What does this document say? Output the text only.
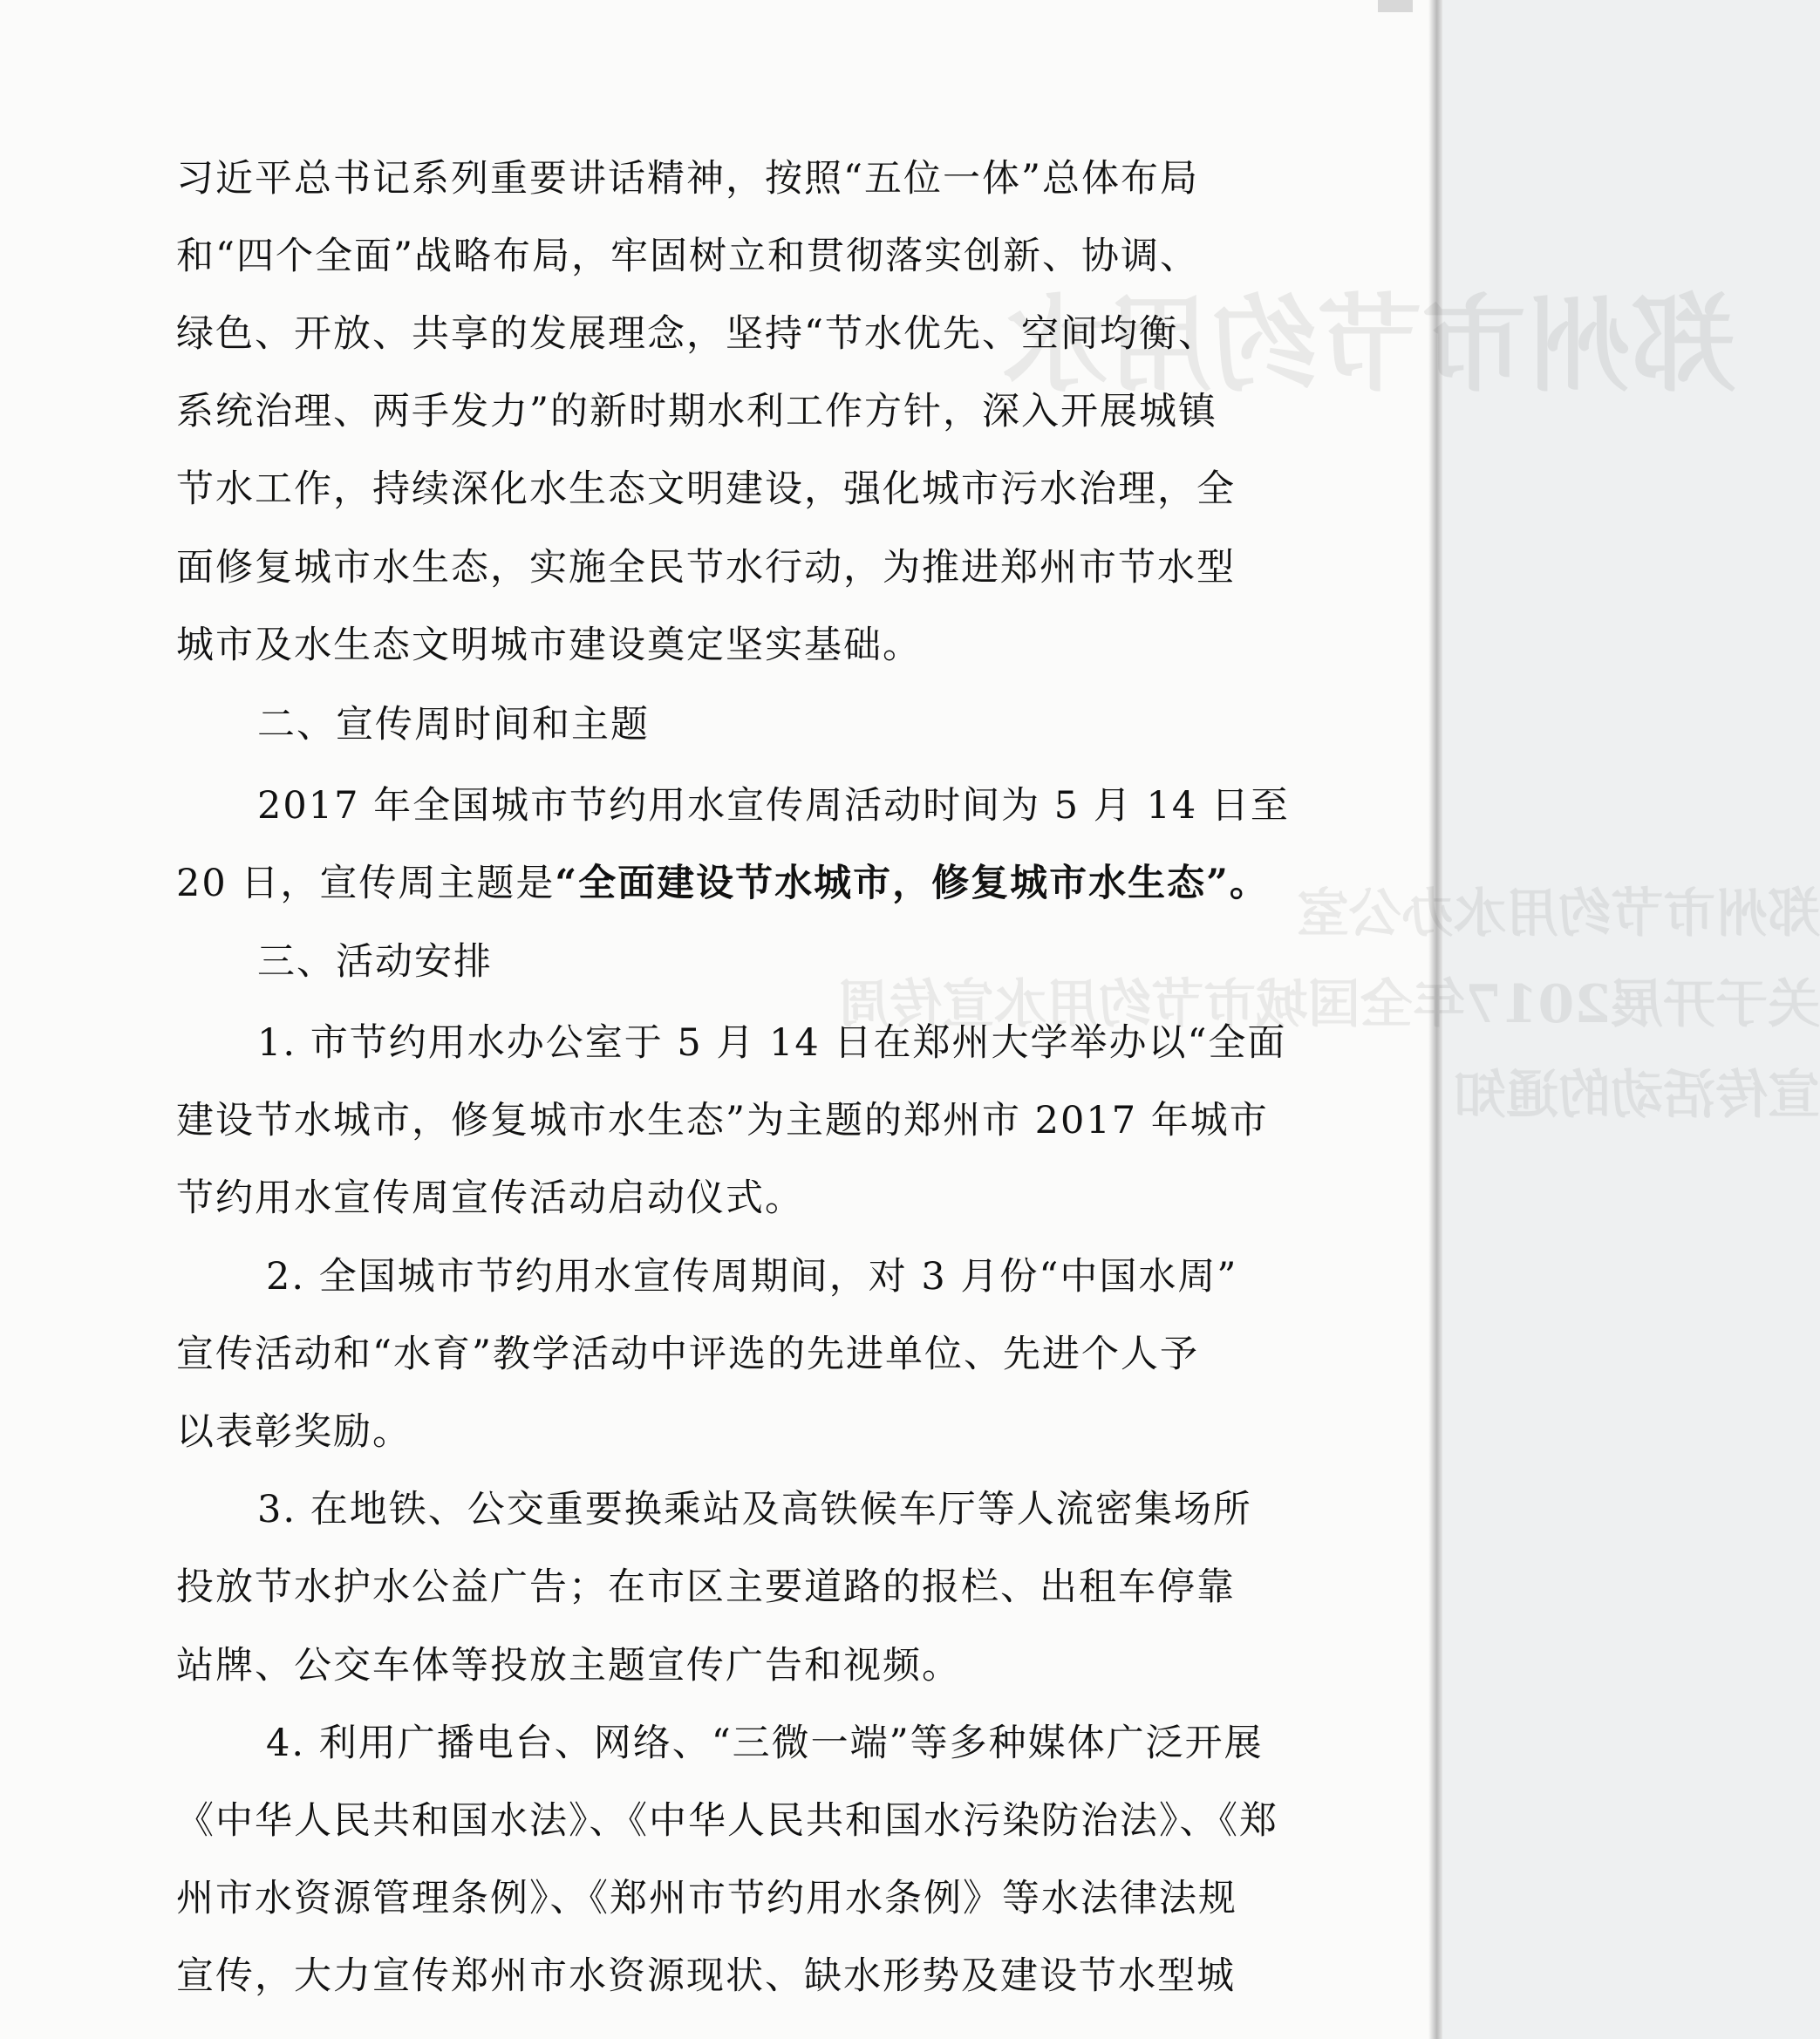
郑州市节约用水办公室
关于开展2017年全国城市节约用水宣传周
宣传活动的通知
郑州市节约用水
习近平总书记系列重要讲话精神，按照“五位一体”总体布局
和“四个全面”战略布局，牢固树立和贯彻落实创新、协调、
绿色、开放、共享的发展理念，坚持“节水优先、空间均衡、
系统治理、两手发力”的新时期水利工作方针，深入开展城镇
节水工作，持续深化水生态文明建设，强化城市污水治理，全
面修复城市水生态，实施全民节水行动，为推进郑州市节水型
城市及水生态文明城市建设奠定坚实基础。
二、宣传周时间和主题
2017 年全国城市节约用水宣传周活动时间为 5 月 14 日至
20 日，宣传周主题是“全面建设节水城市，修复城市水生态”。
三、活动安排
1. 市节约用水办公室于 5 月 14 日在郑州大学举办以“全面
建设节水城市，修复城市水生态”为主题的郑州市 2017 年城市
节约用水宣传周宣传活动启动仪式。
2. 全国城市节约用水宣传周期间，对 3 月份“中国水周”
宣传活动和“水育”教学活动中评选的先进单位、先进个人予
以表彰奖励。
3. 在地铁、公交重要换乘站及高铁候车厅等人流密集场所
投放节水护水公益广告；在市区主要道路的报栏、出租车停靠
站牌、公交车体等投放主题宣传广告和视频。
4. 利用广播电台、网络、“三微一端”等多种媒体广泛开展
《中华人民共和国水法》、《中华人民共和国水污染防治法》、《郑
州市水资源管理条例》、《郑州市节约用水条例》等水法律法规
宣传，大力宣传郑州市水资源现状、缺水形势及建设节水型城
